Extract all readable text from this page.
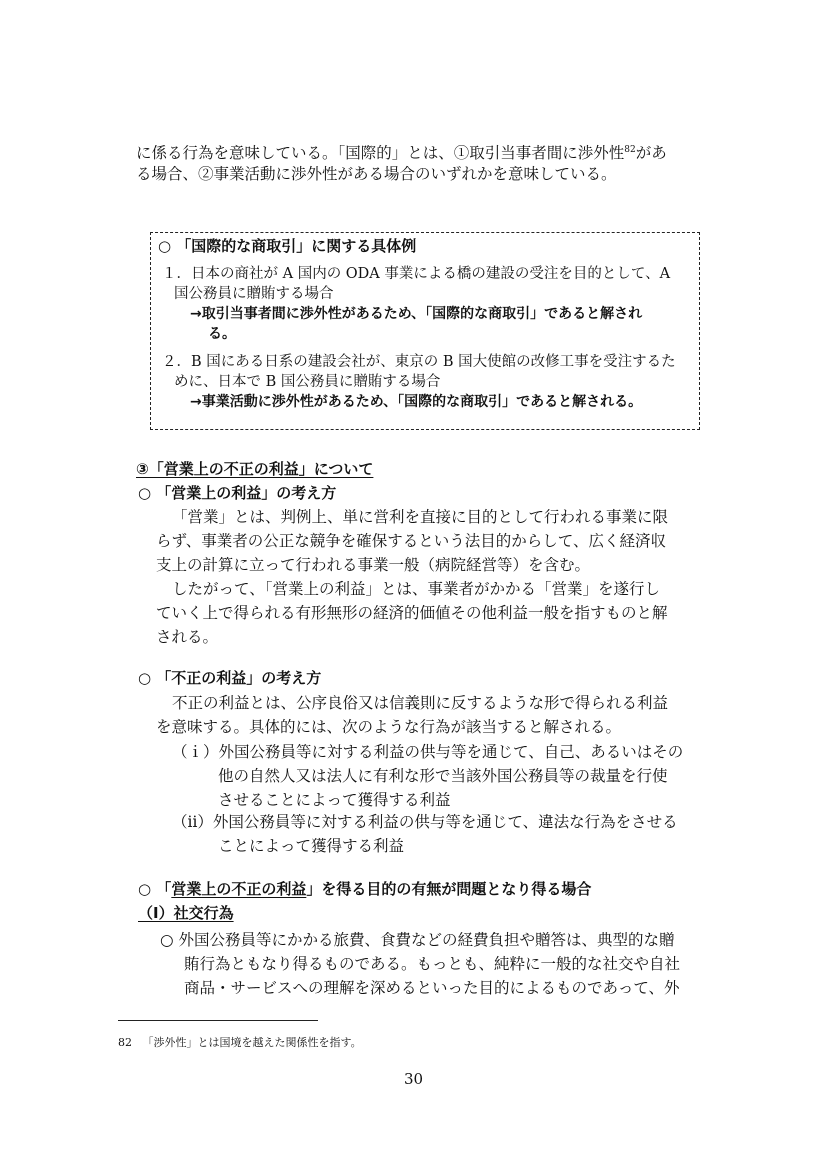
に係る行為を意味している。「国際的」とは、①取引当事者間に渉外性$^{82}$があ
る場合、②事業活動に渉外性がある場合のいずれかを意味している。
○ 「国際的な商取引」に関する具体例
１．日本の商社が A 国内の ODA 事業による橋の建設の受注を目的として、A
国公務員に贈賄する場合
→取引当事者間に渉外性があるため、「国際的な商取引」であると解され
る。
２．B 国にある日系の建設会社が、東京の B 国大使館の改修工事を受注するた
めに、日本で B 国公務員に贈賄する場合
→事業活動に渉外性があるため、「国際的な商取引」であると解される。
③「営業上の不正の利益」について
○ 「営業上の利益」の考え方
「営業」とは、判例上、単に営利を直接に目的として行われる事業に限
らず、事業者の公正な競争を確保するという法目的からして、広く経済収
支上の計算に立って行われる事業一般（病院経営等）を含む。
したがって、「営業上の利益」とは、事業者がかかる「営業」を遂行し
ていく上で得られる有形無形の経済的価値その他利益一般を指すものと解
される。
○ 「不正の利益」の考え方
不正の利益とは、公序良俗又は信義則に反するような形で得られる利益
を意味する。具体的には、次のような行為が該当すると解される。
（ｉ）外国公務員等に対する利益の供与等を通じて、自己、あるいはその
他の自然人又は法人に有利な形で当該外国公務員等の裁量を行使
させることによって獲得する利益
（ⅱ）外国公務員等に対する利益の供与等を通じて、違法な行為をさせる
ことによって獲得する利益
○ 「営業上の不正の利益」を得る目的の有無が問題となり得る場合
（Ⅰ）社交行為
○ 外国公務員等にかかる旅費、食費などの経費負担や贈答は、典型的な贈
賄行為ともなり得るものである。もっとも、純粋に一般的な社交や自社
商品・サービスへの理解を深めるといった目的によるものであって、外
82 「渉外性」とは国境を越えた関係性を指す。
30
